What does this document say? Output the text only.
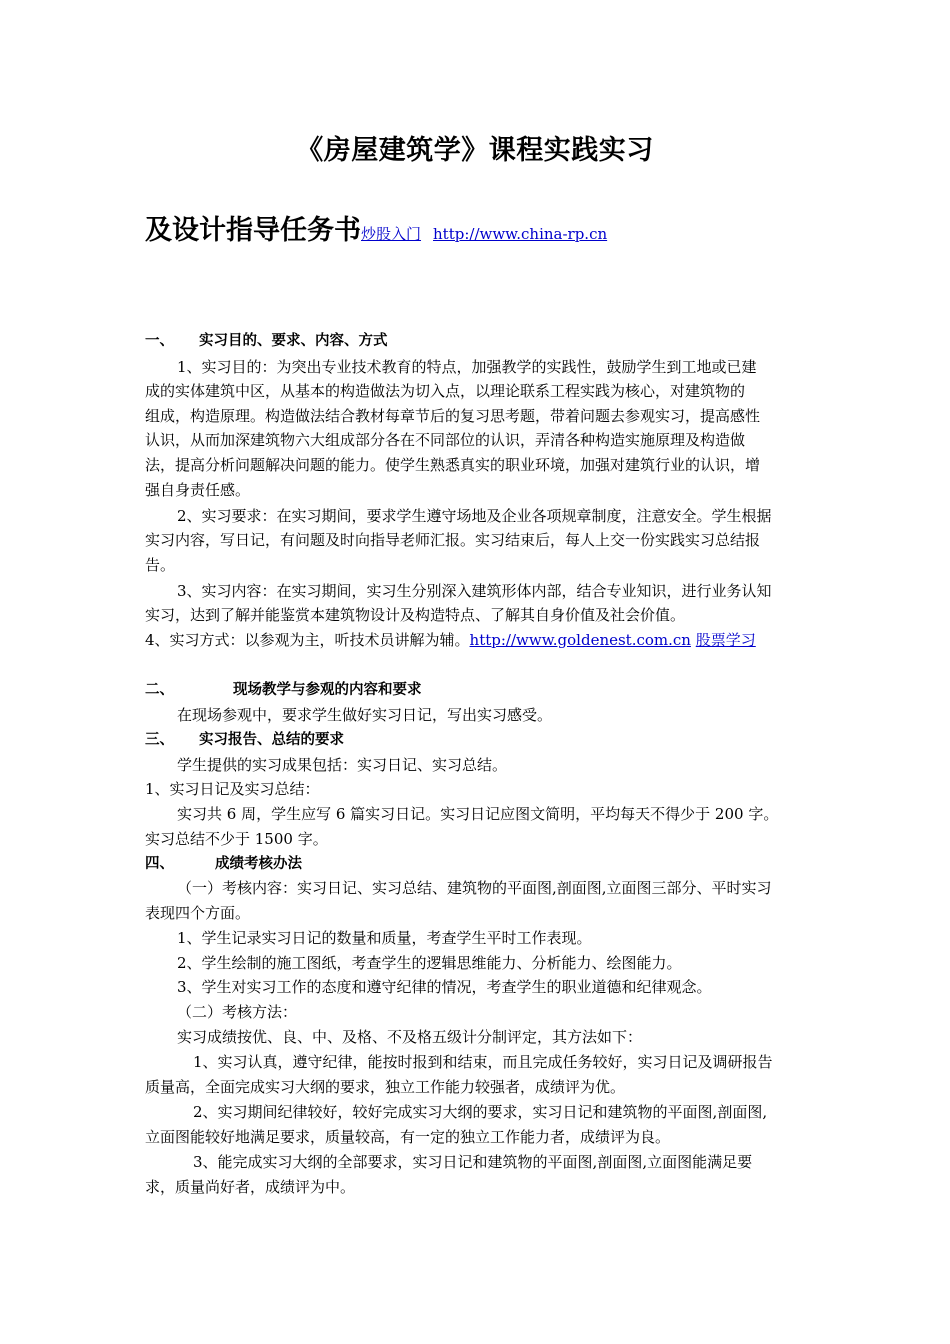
《房屋建筑学》课程实践实习
及设计指导任务书炒股入门 http://www.china-rp.cn
一、 实习目的、要求、内容、方式
1、实习目的：为突出专业技术教育的特点，加强教学的实践性，鼓励学生到工地或已建
成的实体建筑中区，从基本的构造做法为切入点，以理论联系工程实践为核心，对建筑物的
组成，构造原理。构造做法结合教材每章节后的复习思考题，带着问题去参观实习，提高感性
认识，从而加深建筑物六大组成部分各在不同部位的认识，弄清各种构造实施原理及构造做
法，提高分析问题解决问题的能力。使学生熟悉真实的职业环境，加强对建筑行业的认识，增
强自身责任感。
2、实习要求：在实习期间，要求学生遵守场地及企业各项规章制度，注意安全。学生根据
实习内容，写日记，有问题及时向指导老师汇报。实习结束后，每人上交一份实践实习总结报
告。
3、实习内容：在实习期间，实习生分别深入建筑形体内部，结合专业知识，进行业务认知
实习，达到了解并能鉴赏本建筑物设计及构造特点、了解其自身价值及社会价值。
4、实习方式：以参观为主，听技术员讲解为辅。http://www.goldenest.com.cn 股票学习
二、	现场教学与参观的内容和要求
在现场参观中，要求学生做好实习日记，写出实习感受。
三、 实习报告、总结的要求
学生提供的实习成果包括：实习日记、实习总结。
1、实习日记及实习总结：
实习共 6 周，学生应写 6 篇实习日记。实习日记应图文简明，平均每天不得少于 200 字。
实习总结不少于 1500 字。
四、	成绩考核办法
（一）考核内容：实习日记、实习总结、建筑物的平面图,剖面图,立面图三部分、平时实习
表现四个方面。
1、学生记录实习日记的数量和质量，考查学生平时工作表现。
2、学生绘制的施工图纸，考查学生的逻辑思维能力、分析能力、绘图能力。
3、学生对实习工作的态度和遵守纪律的情况，考查学生的职业道德和纪律观念。
（二）考核方法：
实习成绩按优、良、中、及格、不及格五级计分制评定，其方法如下：
1、实习认真，遵守纪律，能按时报到和结束，而且完成任务较好，实习日记及调研报告
质量高，全面完成实习大纲的要求，独立工作能力较强者，成绩评为优。
2、实习期间纪律较好，较好完成实习大纲的要求，实习日记和建筑物的平面图,剖面图,
立面图能较好地满足要求，质量较高，有一定的独立工作能力者，成绩评为良。
3、能完成实习大纲的全部要求，实习日记和建筑物的平面图,剖面图,立面图能满足要
求，质量尚好者，成绩评为中。
